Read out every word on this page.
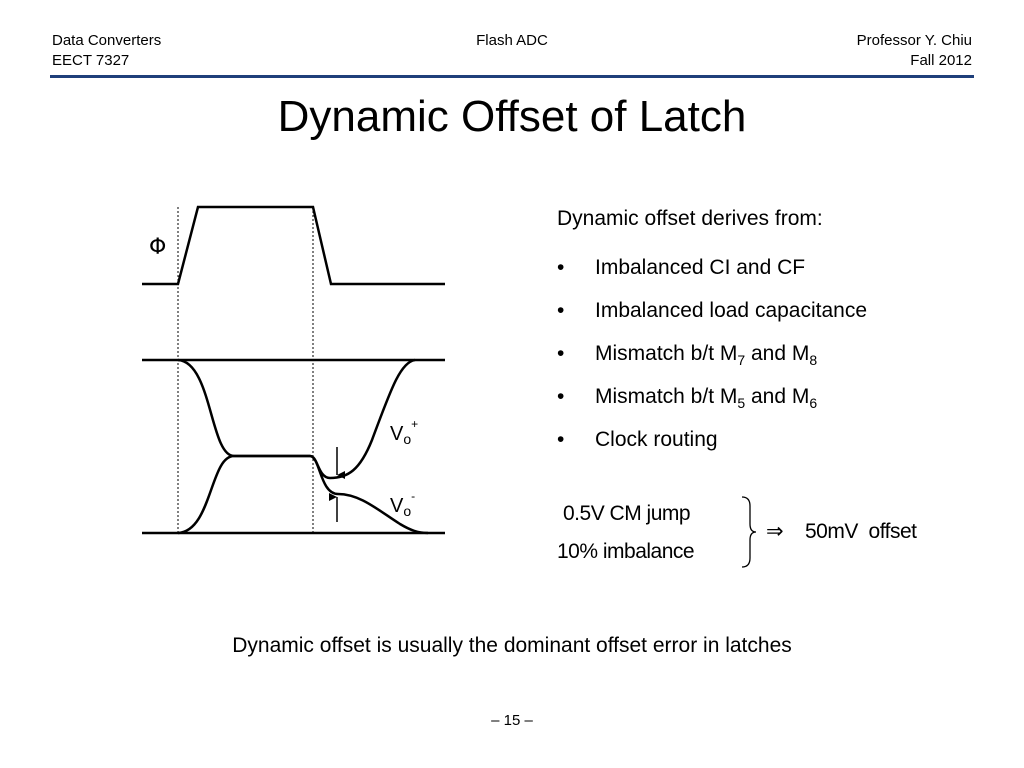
Data Converters
EECT 7327
Flash ADC	Professor Y. Chiu
Fall 2012
Dynamic Offset of Latch
Φ
$V_o^+$
$V_o^-$
Dynamic offset derives from:
• Imbalanced CI and CF
• Imbalanced load capacitance
• Mismatch b/t $M_7$ and $M_8$
• Mismatch b/t $M_5$ and $M_6$
• Clock routing
0.5V CM jump
10% imbalance
⇒ 50mV  offset
Dynamic offset is usually the dominant offset error in latches
– 15 –
